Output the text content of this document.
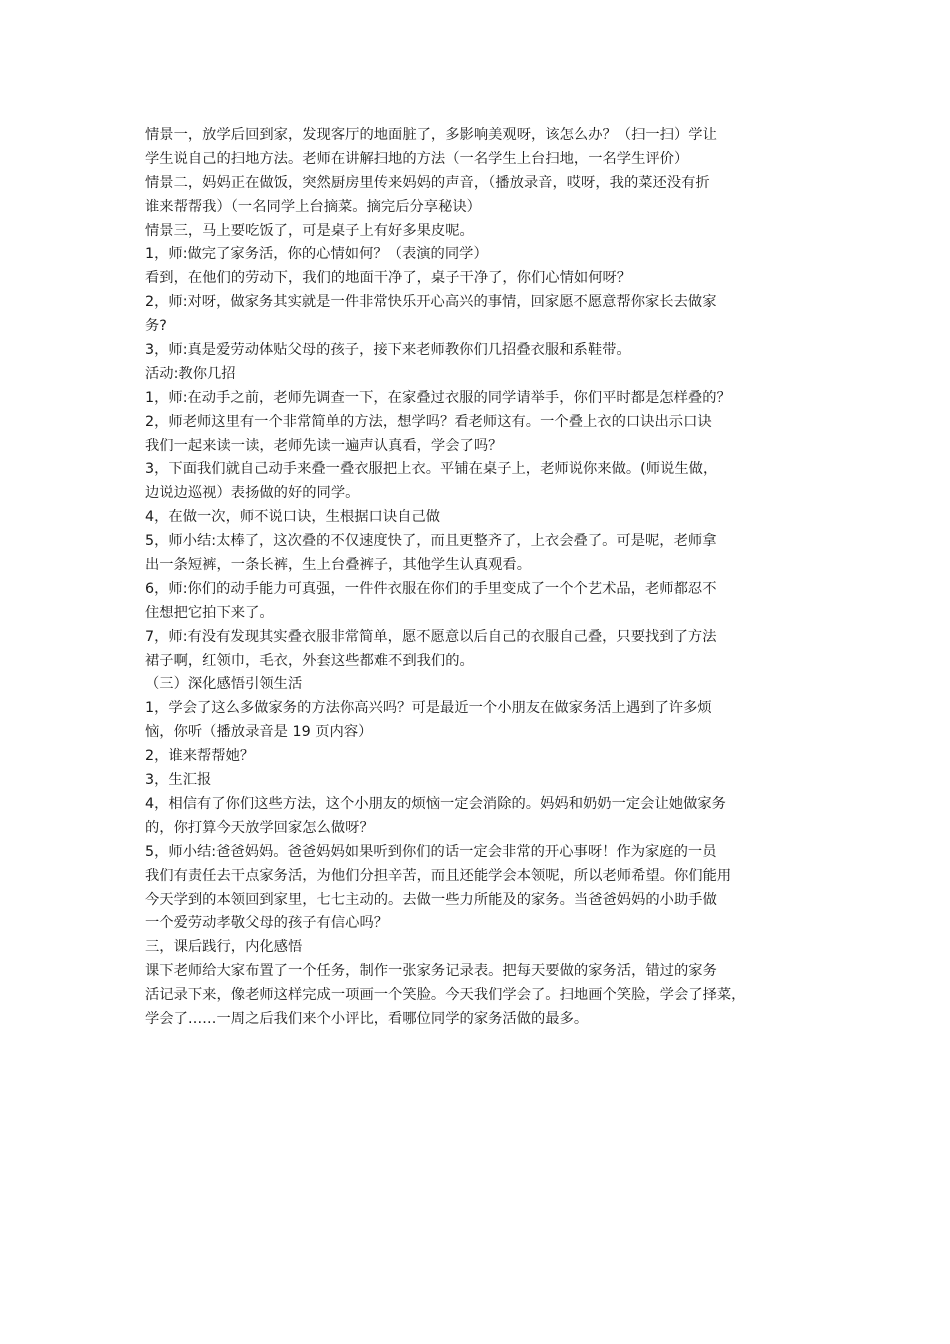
情景一，放学后回到家，发现客厅的地面脏了，多影响美观呀，该怎么办？（扫一扫）学让
学生说自己的扫地方法。老师在讲解扫地的方法（一名学生上台扫地，一名学生评价）
情景二，妈妈正在做饭，突然厨房里传来妈妈的声音，（播放录音，哎呀，我的菜还没有折
谁来帮帮我）（一名同学上台摘菜。摘完后分享秘诀）
情景三，马上要吃饭了，可是桌子上有好多果皮呢。
1，师:做完了家务活，你的心情如何？（表演的同学）
看到，在他们的劳动下，我们的地面干净了，桌子干净了，你们心情如何呀？
2，师:对呀，做家务其实就是一件非常快乐开心高兴的事情，回家愿不愿意帮你家长去做家
务?
3，师:真是爱劳动体贴父母的孩子，接下来老师教你们几招叠衣服和系鞋带。
活动:教你几招
1，师:在动手之前，老师先调查一下，在家叠过衣服的同学请举手，你们平时都是怎样叠的？
2，师老师这里有一个非常简单的方法，想学吗？看老师这有。一个叠上衣的口诀出示口诀
我们一起来读一读，老师先读一遍声认真看，学会了吗？
3，下面我们就自己动手来叠一叠衣服把上衣。平铺在桌子上，老师说你来做。(师说生做，
边说边巡视）表扬做的好的同学。
4，在做一次，师不说口诀，生根据口诀自己做
5，师小结:太棒了，这次叠的不仅速度快了，而且更整齐了，上衣会叠了。可是呢，老师拿
出一条短裤，一条长裤，生上台叠裤子，其他学生认真观看。
6，师:你们的动手能力可真强，一件件衣服在你们的手里变成了一个个艺术品，老师都忍不
住想把它拍下来了。
7，师:有没有发现其实叠衣服非常简单，愿不愿意以后自己的衣服自己叠，只要找到了方法
裙子啊，红领巾，毛衣，外套这些都难不到我们的。
（三）深化感悟引领生活
1，学会了这么多做家务的方法你高兴吗？可是最近一个小朋友在做家务活上遇到了许多烦
恼，你听（播放录音是 19 页内容）
2，谁来帮帮她？
3，生汇报
4，相信有了你们这些方法，这个小朋友的烦恼一定会消除的。妈妈和奶奶一定会让她做家务
的，你打算今天放学回家怎么做呀？
5，师小结:爸爸妈妈。爸爸妈妈如果听到你们的话一定会非常的开心事呀！作为家庭的一员
我们有责任去干点家务活，为他们分担辛苦，而且还能学会本领呢，所以老师希望。你们能用
今天学到的本领回到家里，七七主动的。去做一些力所能及的家务。当爸爸妈妈的小助手做
一个爱劳动孝敬父母的孩子有信心吗？
三，课后践行，内化感悟
课下老师给大家布置了一个任务，制作一张家务记录表。把每天要做的家务活，错过的家务
活记录下来，像老师这样完成一项画一个笑脸。今天我们学会了。扫地画个笑脸，学会了择菜，
学会了……一周之后我们来个小评比，看哪位同学的家务活做的最多。
